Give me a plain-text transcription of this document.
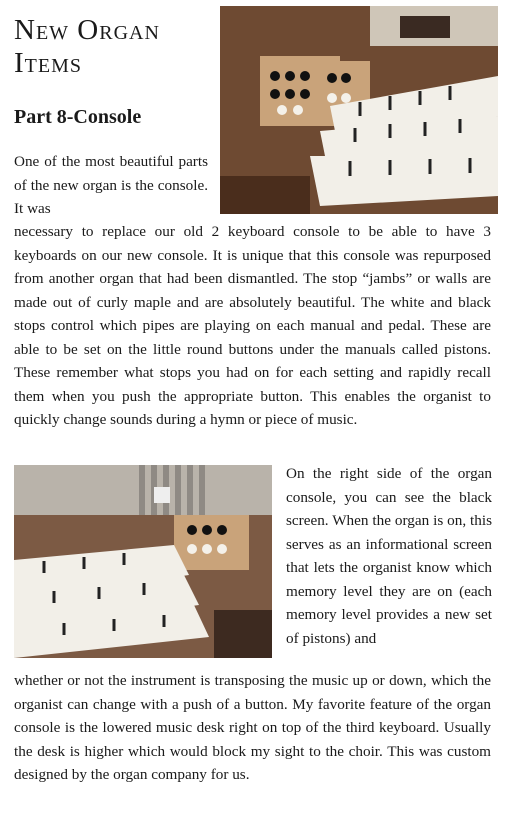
New Organ Items
Part 8-Console

One of the most beautiful parts of the new organ is the console. It was

necessary to replace our old 2 keyboard console to be able to have 3 keyboards on our new console. It is unique that this console was repurposed from another organ that had been dismantled. The stop “jambs” or walls are made out of curly maple and are absolutely beautiful. The white and black stops control which pipes are playing on each manual and pedal. These are able to be set on the little round buttons under the manuals called pistons. These remember what stops you had on for each setting and rapidly recall them when you push the appropriate button. This enables the organist to quickly change sounds during a hymn or piece of music.

On the right side of the organ console, you can see the black screen. When the organ is on, this serves as an informational screen that lets the organist know which memory level they are on (each memory level provides a new set of pistons) and

whether or not the instrument is transposing the music up or down, which the organist can change with a push of a button. My favorite feature of the organ console is the lowered music desk right on top of the third keyboard. Usually the desk is higher which would block my sight to the choir. This was custom designed by the organ company for us.
